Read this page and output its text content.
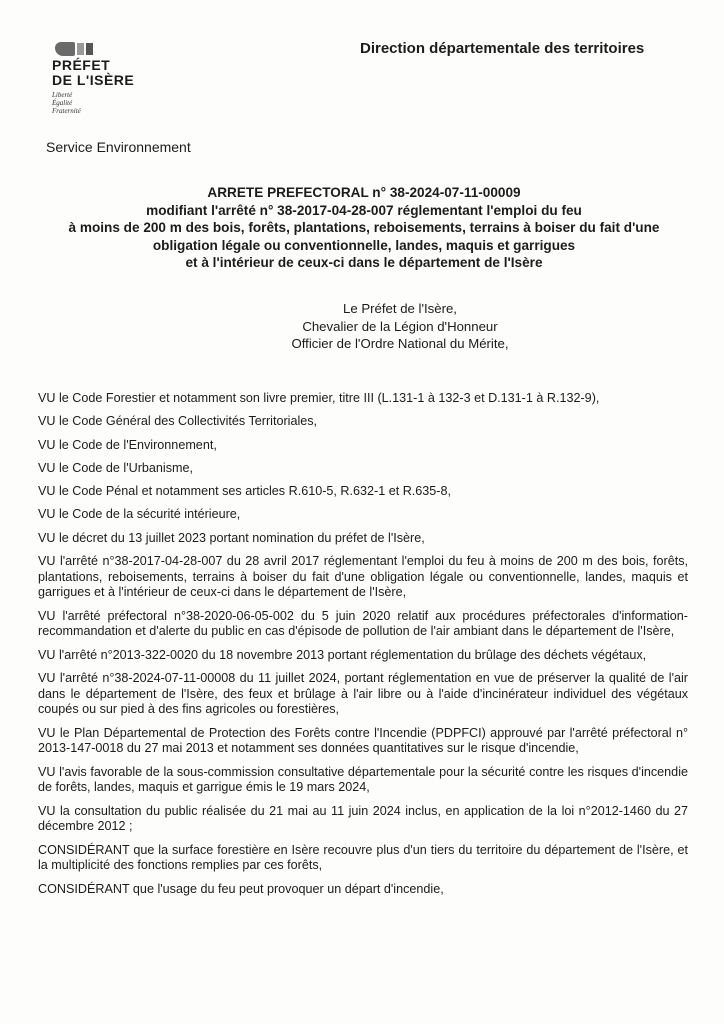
PRÉFET
DE L'ISÈRE
Liberté
Égalité
Fraternité
Direction départementale des territoires
Service Environnement
ARRETE PREFECTORAL n° 38-2024-07-11-00009
modifiant l'arrêté n° 38-2017-04-28-007 réglementant l'emploi du feu
à moins de 200 m des bois, forêts, plantations, reboisements, terrains à boiser du fait d'une
obligation légale ou conventionnelle, landes, maquis et garrigues
et à l'intérieur de ceux-ci dans le département de l'Isère
Le Préfet de l'Isère,
Chevalier de la Légion d'Honneur
Officier de l'Ordre National du Mérite,

VU le Code Forestier et notamment son livre premier, titre III (L.131-1 à 132-3 et D.131-1 à R.132-9),

VU le Code Général des Collectivités Territoriales,

VU le Code de l'Environnement,

VU le Code de l'Urbanisme,

VU le Code Pénal et notamment ses articles R.610-5, R.632-1 et R.635-8,

VU le Code de la sécurité intérieure,

VU le décret du 13 juillet 2023 portant nomination du préfet de l'Isère,

VU l'arrêté n°38-2017-04-28-007 du 28 avril 2017 réglementant l'emploi du feu à moins de 200 m des bois, forêts, plantations, reboisements, terrains à boiser du fait d'une obligation légale ou conventionnelle, landes, maquis et garrigues et à l'intérieur de ceux-ci dans le département de l'Isère,

VU l'arrêté préfectoral n°38-2020-06-05-002 du 5 juin 2020 relatif aux procédures préfectorales d'information-recommandation et d'alerte du public en cas d'épisode de pollution de l'air ambiant dans le département de l'Isère,

VU l'arrêté n°2013-322-0020 du 18 novembre 2013 portant réglementation du brûlage des déchets végétaux,

VU l'arrêté n°38-2024-07-11-00008 du 11 juillet 2024, portant réglementation en vue de préserver la qualité de l'air dans le département de l'Isère, des feux et brûlage à l'air libre ou à l'aide d'incinérateur individuel des végétaux coupés ou sur pied à des fins agricoles ou forestières,

VU le Plan Départemental de Protection des Forêts contre l'Incendie (PDPFCI) approuvé par l'arrêté préfectoral n° 2013-147-0018 du 27 mai 2013 et notamment ses données quantitatives sur le risque d'incendie,

VU l'avis favorable de la sous-commission consultative départementale pour la sécurité contre les risques d'incendie de forêts, landes, maquis et garrigue émis le 19 mars 2024,

VU la consultation du public réalisée du 21 mai au 11 juin 2024 inclus, en application de la loi n°2012-1460 du 27 décembre 2012 ;

CONSIDÉRANT que la surface forestière en Isère recouvre plus d'un tiers du territoire du département de l'Isère, et la multiplicité des fonctions remplies par ces forêts,

CONSIDÉRANT que l'usage du feu peut provoquer un départ d'incendie,
